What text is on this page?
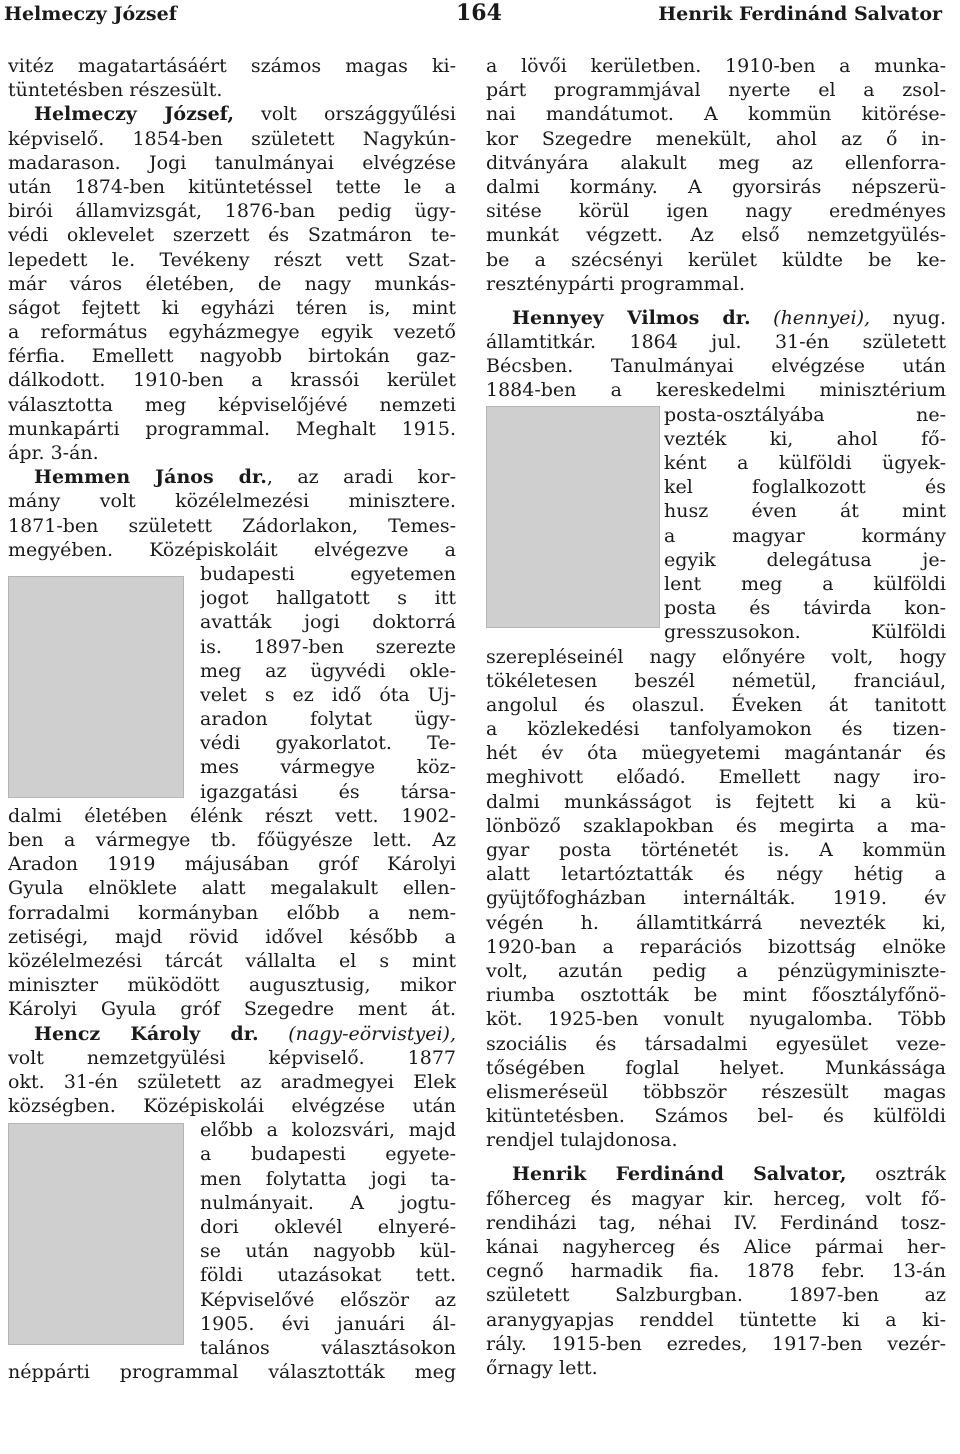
Helmeczy József	164	Henrik Ferdinánd Salvator
vitéz magatartásáért számos magas ki-
tüntetésben részesült.
Helmeczy József, volt országgyűlési
képviselő. 1854-ben született Nagykún-
madarason. Jogi tanulmányai elvégzése
után 1874-ben kitüntetéssel tette le a
birói államvizsgát, 1876-ban pedig ügy-
védi oklevelet szerzett és Szatmáron te-
lepedett le. Tevékeny részt vett Szat-
már város életében, de nagy munkás-
ságot fejtett ki egyházi téren is, mint
a református egyházmegye egyik vezető
férfia. Emellett nagyobb birtokán gaz-
dálkodott. 1910-ben a krassói kerület
választotta meg képviselőjévé nemzeti
munkapárti programmal. Meghalt 1915.
ápr. 3-án.
Hemmen János dr., az aradi kor-
mány volt közélelmezési minisztere.
1871-ben született Zádorlakon, Temes-
megyében. Középiskoláit elvégezve a
budapesti egyetemen
jogot hallgatott s itt
avatták jogi doktorrá
is. 1897-ben szerezte
meg az ügyvédi okle-
velet s ez idő óta Uj-
aradon folytat ügy-
védi gyakorlatot. Te-
mes vármegye köz-
igazgatási és társa-
dalmi életében élénk részt vett. 1902-
ben a vármegye tb. főügyésze lett. Az
Aradon 1919 májusában gróf Károlyi
Gyula elnöklete alatt megalakult ellen-
forradalmi kormányban előbb a nem-
zetiségi, majd rövid idővel később a
közélelmezési tárcát vállalta el s mint
miniszter müködött augusztusig, mikor
Károlyi Gyula gróf Szegedre ment át.
Hencz Károly dr. (nagy-eörvistyei),
volt nemzetgyülési képviselő. 1877
okt. 31-én született az aradmegyei Elek
községben. Középiskolái elvégzése után
előbb a kolozsvári, majd
a budapesti egyete-
men folytatta jogi ta-
nulmányait. A jogtu-
dori oklevél elnyeré-
se után nagyobb kül-
földi utazásokat tett.
Képviselővé először az
1905. évi januári ál-
talános választásokon
néppárti programmal választották meg
a lövői kerületben. 1910-ben a munka-
párt programmjával nyerte el a zsol-
nai mandátumot. A kommün kitörése-
kor Szegedre menekült, ahol az ő in-
ditványára alakult meg az ellenforra-
dalmi kormány. A gyorsirás népszerü-
sitése körül igen nagy eredményes
munkát végzett. Az első nemzetgyülés-
be a szécsényi kerület küldte be ke-
reszténypárti programmal.
Hennyey Vilmos dr. (hennyei), nyug.
államtitkár. 1864 jul. 31-én született
Bécsben. Tanulmányai elvégzése után
1884-ben a kereskedelmi minisztérium
posta-osztályába ne-
vezték ki, ahol fő-
ként a külföldi ügyek-
kel foglalkozott és
husz éven át mint
a magyar kormány
egyik delegátusa je-
lent meg a külföldi
posta és távirda kon-
gresszusokon. Külföldi
szerepléseinél nagy előnyére volt, hogy
tökéletesen beszél németül, franciául,
angolul és olaszul. Éveken át tanitott
a közlekedési tanfolyamokon és tizen-
hét év óta müegyetemi magántanár és
meghivott előadó. Emellett nagy iro-
dalmi munkásságot is fejtett ki a kü-
lönböző szaklapokban és megirta a ma-
gyar posta történetét is. A kommün
alatt letartóztatták és négy hétig a
gyüjtőfogházban internálták. 1919. év
végén h. államtitkárrá nevezték ki,
1920-ban a reparációs bizottság elnöke
volt, azután pedig a pénzügyminiszte-
riumba osztották be mint főosztályfőnö-
köt. 1925-ben vonult nyugalomba. Több
szociális és társadalmi egyesület veze-
tőségében foglal helyet. Munkássága
elismeréseül többször részesült magas
kitüntetésben. Számos bel- és külföldi
rendjel tulajdonosa.
Henrik Ferdinánd Salvator, osztrák
főherceg és magyar kir. herceg, volt fő-
rendiházi tag, néhai IV. Ferdinánd tosz-
kánai nagyherceg és Alice pármai her-
cegnő harmadik fia. 1878 febr. 13-án
született Salzburgban. 1897-ben az
aranygyapjas renddel tüntette ki a ki-
rály. 1915-ben ezredes, 1917-ben vezér-
őrnagy lett.
